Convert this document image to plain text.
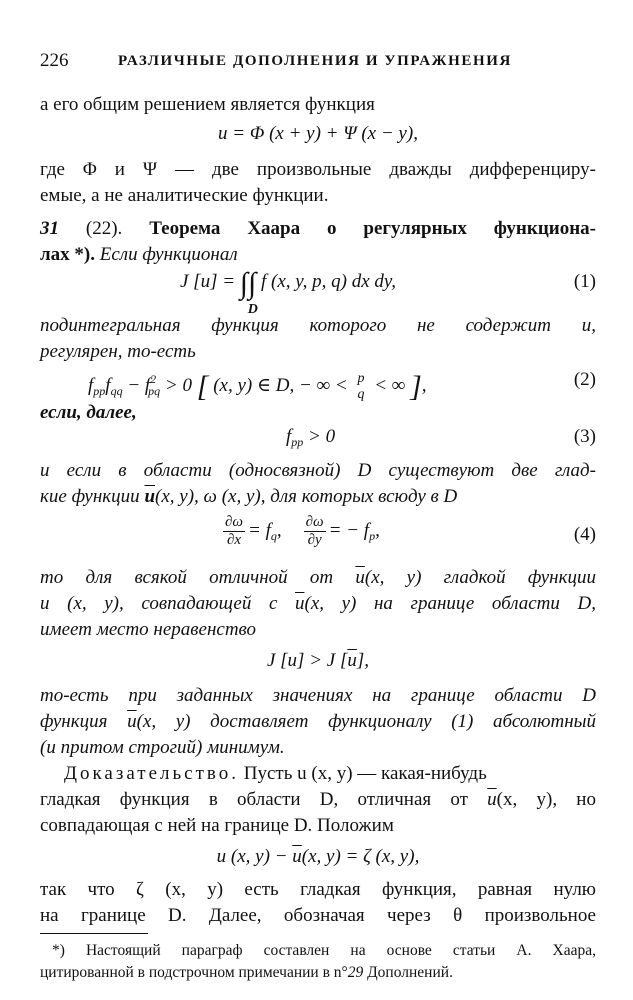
226	РАЗЛИЧНЫЕ ДОПОЛНЕНИЯ И УПРАЖНЕНИЯ
а его общим решением является функция
u = Φ (x + y) + Ψ (x − y),
где Φ и Ψ — две произвольные дважды дифференциру-
емые, а не аналитические функции.
31 (22). Теорема Хаара о регулярных функциона-
лах *). Если функционал
J [u] = ∫∫
D
f (x, y, p, q) dx dy,	(1)
подинтегральная функция которого не содержит u,
регулярен, то-есть
$f_{pp}f_{qq} - f^2_{pq} > 0$ [ (x, y) ∈ D, − ∞ < p
q < ∞ ],	(2)
если, далее,
$f_{pp} > 0$	(3)
и если в области (односвязной) D существуют две глад-
кие функции $\overline{u}(x$, y), ω (x, y), для которых всюду в D
$\frac{\partial\omega}{\partial x} = f_q$, $\frac{\partial\omega}{\partial y}$ = − $f_p$,	(4)
то для всякой отличной от $\overline{u}(x$, y) гладкой функции
u (x, y), совпадающей с $\overline{u}(x$, y) на границе области D,
имеет место неравенство
J [u] > J $[\overline{u}]$,
то-есть при заданных значениях на границе области D
функция $\overline{u}(x$, y) доставляет функционалу (1) абсолютный
(и притом строгий) минимум.
Доказательство. Пусть u (x, y) — какая-нибудь
гладкая функция в области D, отличная от $\overline{u}(x$, y), но
совпадающая с ней на границе D. Положим
u (x, $y) - \overline{u}(x$, y) = ζ (x, y),
так что ζ (x, y) есть гладкая функция, равная нулю
на границе D. Далее, обозначая через θ произвольное
*) Настоящий параграф составлен на основе статьи А. Хаара,
цитированной в подстрочном примечании в n°29 Дополнений.
